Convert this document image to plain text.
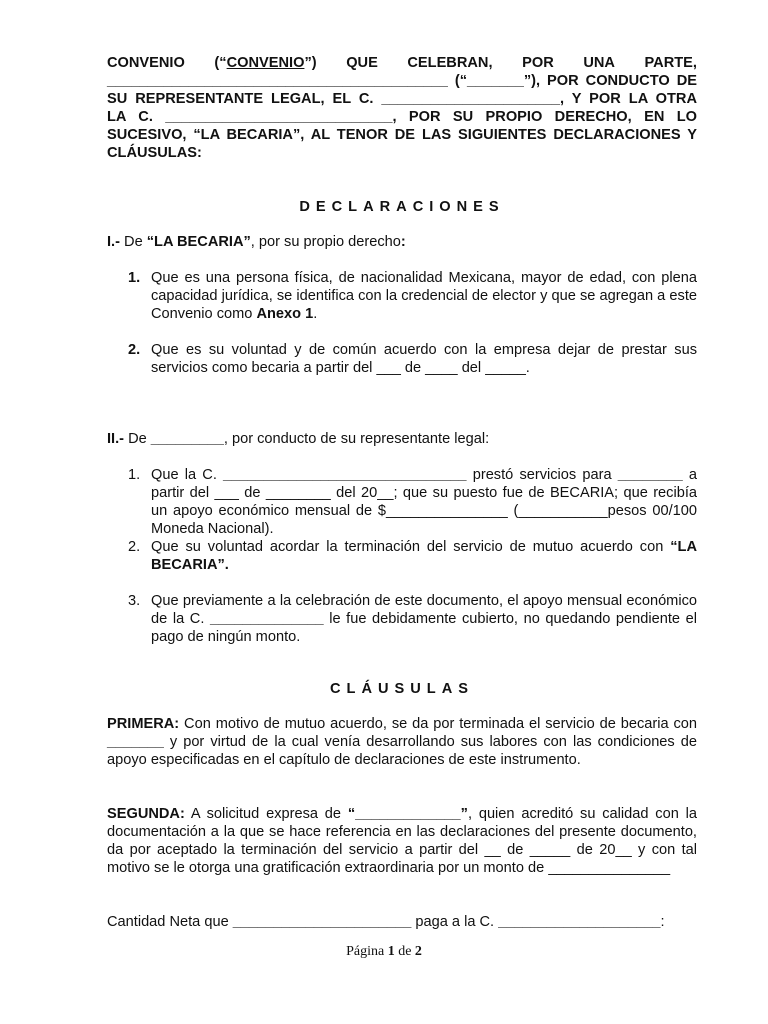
CONVENIO (“CONVENIO”) QUE CELEBRAN, POR UNA PARTE,
__________________________________________ (“_______”), POR CONDUCTO DE
SU REPRESENTANTE LEGAL, EL C. ______________________, Y POR LA OTRA
LA C. ____________________________, POR SU PROPIO DERECHO, EN LO
SUCESIVO, “LA BECARIA”, AL TENOR DE LAS SIGUIENTES DECLARACIONES Y
CLÁUSULAS:
DECLARACIONES
I.- De “LA BECARIA”, por su propio derecho:
1. Que es una persona física, de nacionalidad Mexicana, mayor de edad, con plena capacidad jurídica, se identifica con la credencial de elector y que se agregan a este Convenio como Anexo 1.
2. Que es su voluntad y de común acuerdo con la empresa dejar de prestar sus servicios como becaria a partir del ___ de ____ del _____.
II.- De _________, por conducto de su representante legal:
1. Que la C. ______________________________ prestó servicios para ________ a partir del ___ de ________ del 20__; que su puesto fue de BECARIA; que recibía un apoyo económico mensual de $_______________ (___________pesos 00/100 Moneda Nacional).
2. Que su voluntad acordar la terminación del servicio de mutuo acuerdo con “LA BECARIA”.
3. Que previamente a la celebración de este documento, el apoyo mensual económico de la C. ______________ le fue debidamente cubierto, no quedando pendiente el pago de ningún monto.
CLÁUSULAS
PRIMERA: Con motivo de mutuo acuerdo, se da por terminada el servicio de becaria con _______ y por virtud de la cual venía desarrollando sus labores con las condiciones de apoyo especificadas en el capítulo de declaraciones de este instrumento.
SEGUNDA: A solicitud expresa de “_____________”, quien acreditó su calidad con la documentación a la que se hace referencia en las declaraciones del presente documento, da por aceptado la terminación del servicio a partir del __ de _____ de 20__ y con tal motivo se le otorga una gratificación extraordinaria por un monto de _______________
Cantidad Neta que ______________________ paga a la C. ____________________:
Página 1 de 2
